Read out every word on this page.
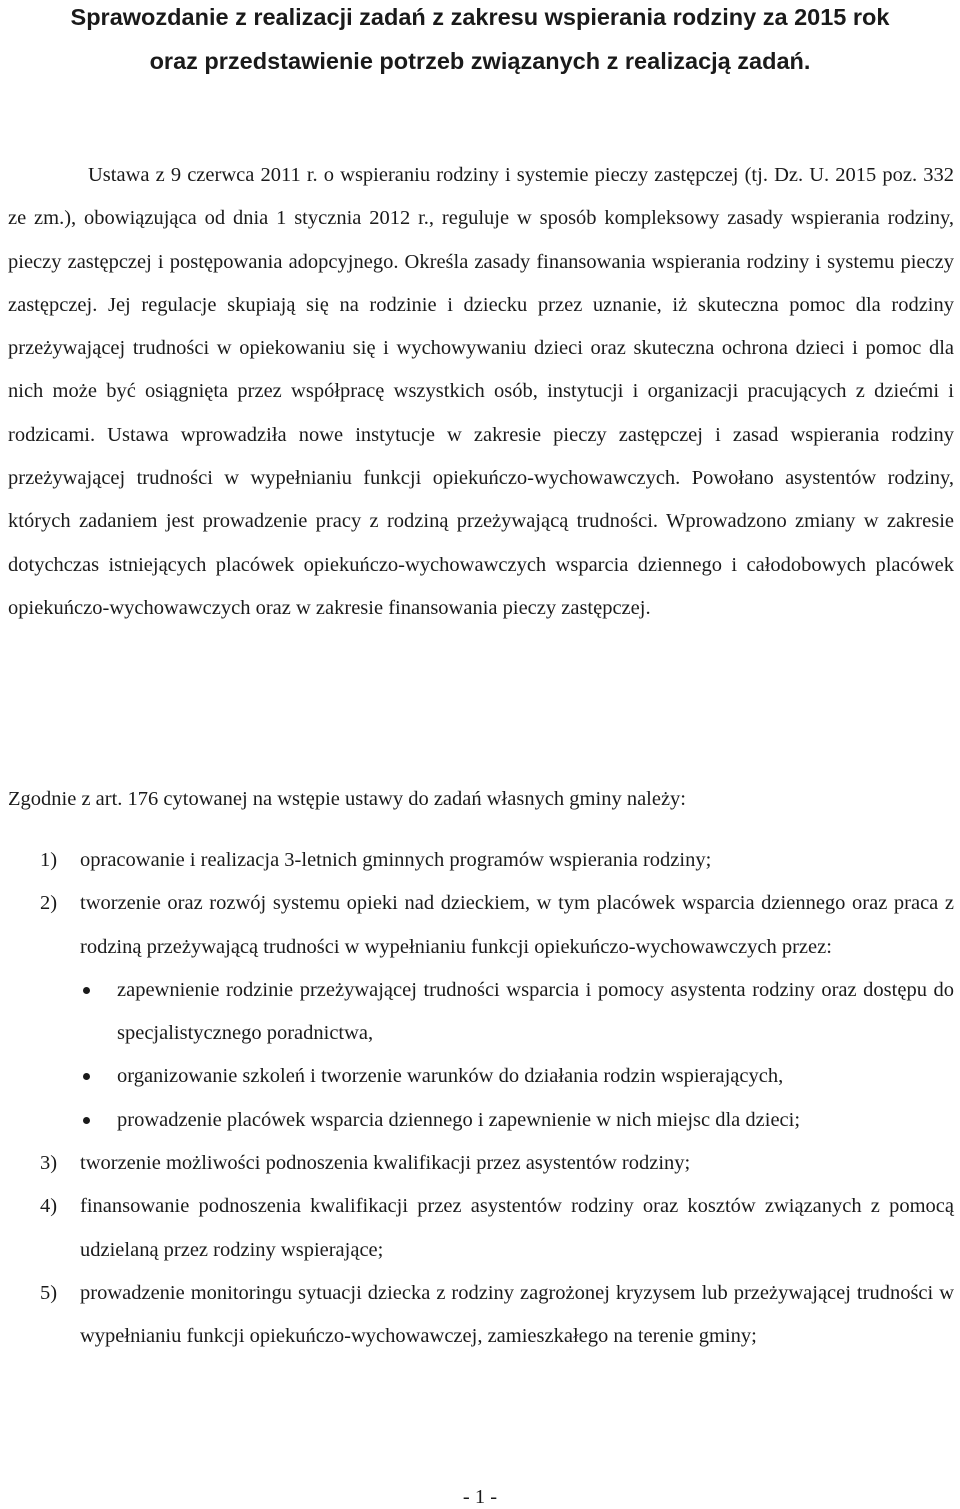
Sprawozdanie z realizacji zadań z zakresu wspierania rodziny za 2015 rok
oraz przedstawienie potrzeb związanych z realizacją zadań.

Ustawa z 9 czerwca 2011 r. o wspieraniu rodziny i systemie pieczy zastępczej (tj. Dz. U. 2015 poz. 332 ze zm.), obowiązująca od dnia 1 stycznia 2012 r., reguluje w sposób kompleksowy zasady wspierania rodziny, pieczy zastępczej i postępowania adopcyjnego. Określa zasady finansowania wspierania rodziny i systemu pieczy zastępczej. Jej regulacje skupiają się na rodzinie i dziecku przez uznanie, iż skuteczna pomoc dla rodziny przeżywającej trudności w opiekowaniu się i wychowywaniu dzieci oraz skuteczna ochrona dzieci i pomoc dla nich może być osiągnięta przez współpracę wszystkich osób, instytucji i organizacji pracujących z dziećmi i rodzicami. Ustawa wprowadziła nowe instytucje w zakresie pieczy zastępczej i zasad wspierania rodziny przeżywającej trudności w wypełnianiu funkcji opiekuńczo-wychowawczych. Powołano asystentów rodziny, których zadaniem jest prowadzenie pracy z rodziną przeżywającą trudności. Wprowadzono zmiany w zakresie dotychczas istniejących placówek opiekuńczo-wychowawczych wsparcia dziennego i całodobowych placówek opiekuńczo-wychowawczych oraz w zakresie finansowania pieczy zastępczej.

Zgodnie z art. 176 cytowanej na wstępie ustawy do zadań własnych gminy należy:

1) opracowanie i realizacja 3-letnich gminnych programów wspierania rodziny;
2) tworzenie oraz rozwój systemu opieki nad dzieckiem, w tym placówek wsparcia dziennego oraz praca z rodziną przeżywającą trudności w wypełnianiu funkcji opiekuńczo-wychowawczych przez:
zapewnienie rodzinie przeżywającej trudności wsparcia i pomocy asystenta rodziny oraz dostępu do specjalistycznego poradnictwa,
organizowanie szkoleń i tworzenie warunków do działania rodzin wspierających,
prowadzenie placówek wsparcia dziennego i zapewnienie w nich miejsc dla dzieci;
3) tworzenie możliwości podnoszenia kwalifikacji przez asystentów rodziny;
4) finansowanie podnoszenia kwalifikacji przez asystentów rodziny oraz kosztów związanych z pomocą udzielaną przez rodziny wspierające;
5) prowadzenie monitoringu sytuacji dziecka z rodziny zagrożonej kryzysem lub przeżywającej trudności w wypełnianiu funkcji opiekuńczo-wychowawczej, zamieszkałego na terenie gminy;

- 1 -
